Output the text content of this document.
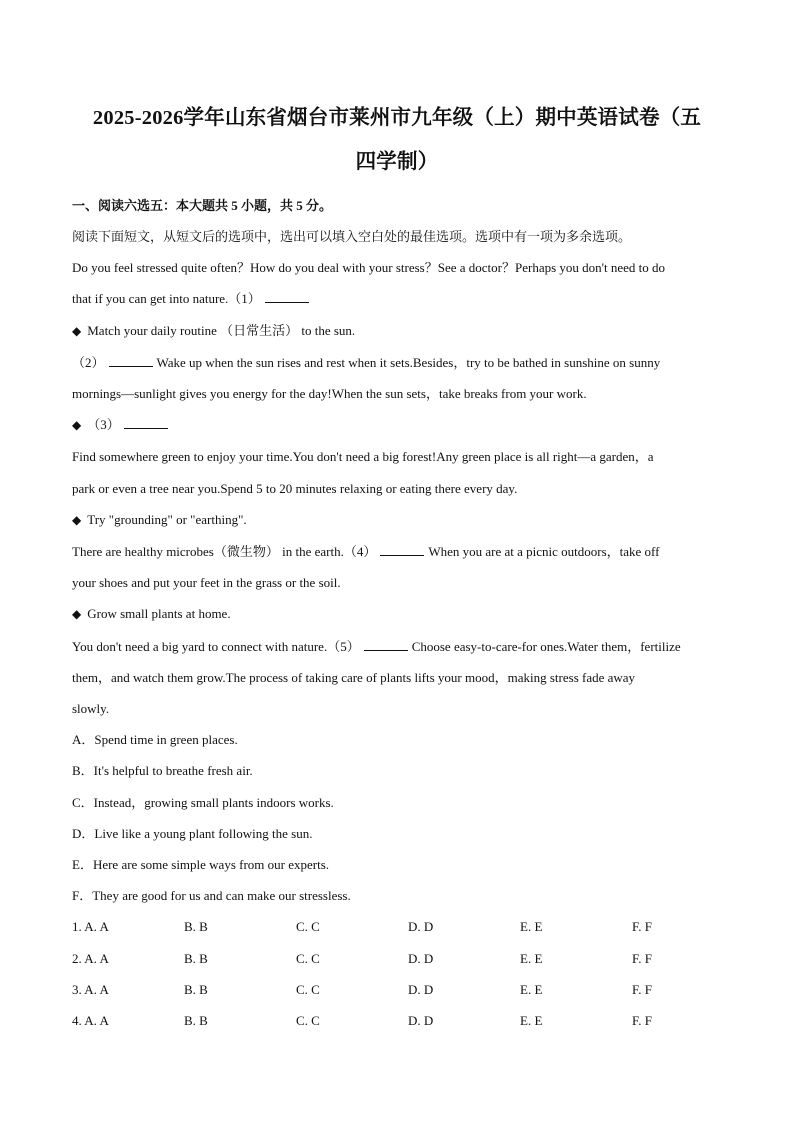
2025-2026学年山东省烟台市莱州市九年级（上）期中英语试卷（五
四学制）
一、阅读六选五：本大题共 5 小题，共 5 分。

阅读下面短文，从短文后的选项中，选出可以填入空白处的最佳选项。选项中有一项为多余选项。

Do you feel stressed quite often？How do you deal with your stress？See a doctor？Perhaps you don't need to do

that if you can get into nature.（1）

◆ Match your daily routine （日常生活） to the sun.

（2）	Wake up when the sun rises and rest when it sets.Besides，try to be bathed in sunshine on sunny

mornings—sunlight gives you energy for the day!When the sun sets，take breaks from your work.

◆ （3）

Find somewhere green to enjoy your time.You don't need a big forest!Any green place is all right—a garden，a

park or even a tree near you.Spend 5 to 20 minutes relaxing or eating there every day.

◆ Try "grounding" or "earthing".

There are healthy microbes（微生物） in the earth.（4）	When you are at a picnic outdoors，take off

your shoes and put your feet in the grass or the soil.

◆ Grow small plants at home.

You don't need a big yard to connect with nature.（5）	Choose easy-to-care-for ones.Water them，fertilize

them，and watch them grow.The process of taking care of plants lifts your mood，making stress fade away

slowly.

A．Spend time in green places.
B．It's helpful to breathe fresh air.
C．Instead，growing small plants indoors works.
D．Live like a young plant following the sun.
E．Here are some simple ways from our experts.
F．They are good for us and can make our stressless.
1. A. A	B. B	C. C	D. D	E. E	F. F
2. A. A	B. B	C. C	D. D	E. E	F. F
3. A. A	B. B	C. C	D. D	E. E	F. F
4. A. A	B. B	C. C	D. D	E. E	F. F
